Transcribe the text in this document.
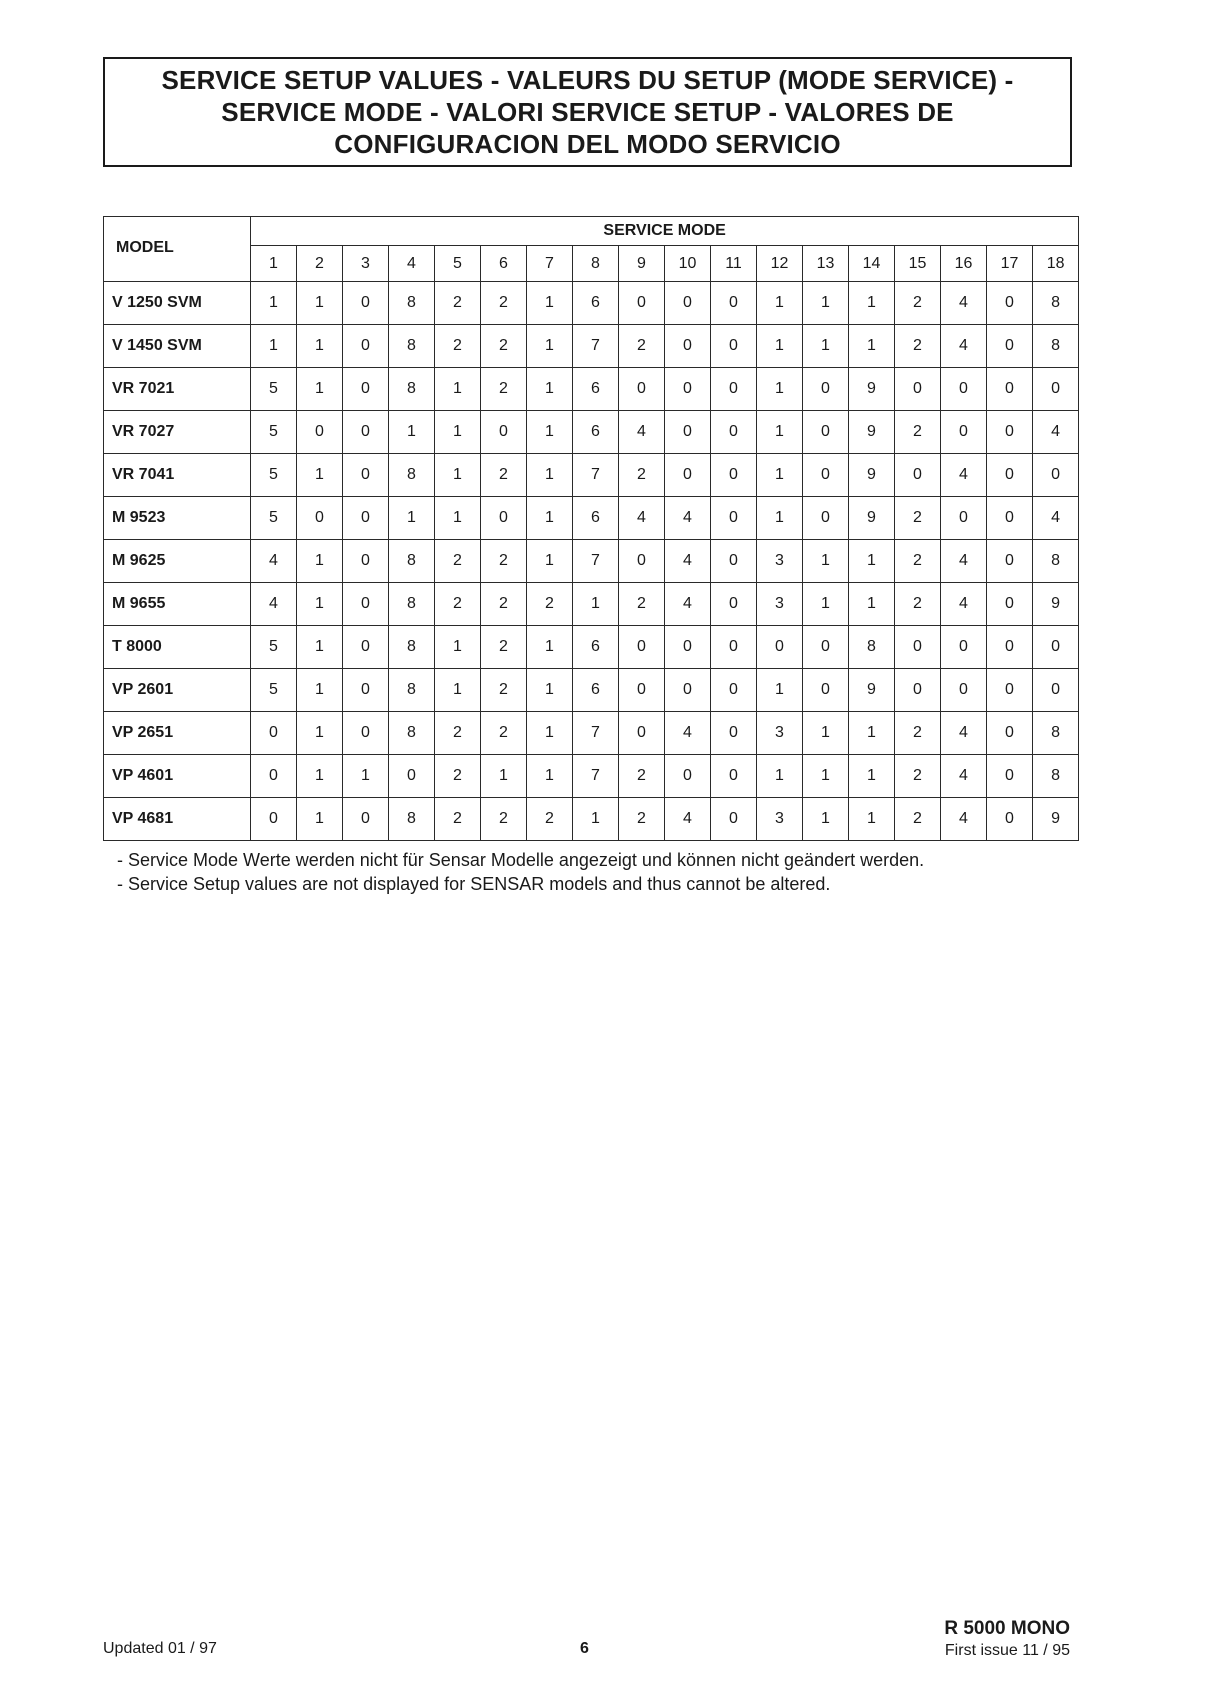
SERVICE SETUP VALUES - VALEURS DU SETUP (MODE SERVICE) -
SERVICE MODE - VALORI SERVICE SETUP - VALORES DE
CONFIGURACION DEL MODO SERVICIO
MODEL	SERVICE MODE																	
	1	2	3	4	5	6	7	8	9	10	11	12	13	14	15	16	17	18
V 1250 SVM	1	1	0	8	2	2	1	6	0	0	0	1	1	1	2	4	0	8
V 1450 SVM	1	1	0	8	2	2	1	7	2	0	0	1	1	1	2	4	0	8
VR 7021	5	1	0	8	1	2	1	6	0	0	0	1	0	9	0	0	0	0
VR 7027	5	0	0	1	1	0	1	6	4	0	0	1	0	9	2	0	0	4
VR 7041	5	1	0	8	1	2	1	7	2	0	0	1	0	9	0	4	0	0
M 9523	5	0	0	1	1	0	1	6	4	4	0	1	0	9	2	0	0	4
M 9625	4	1	0	8	2	2	1	7	0	4	0	3	1	1	2	4	0	8
M 9655	4	1	0	8	2	2	2	1	2	4	0	3	1	1	2	4	0	9
T 8000	5	1	0	8	1	2	1	6	0	0	0	0	0	8	0	0	0	0
VP 2601	5	1	0	8	1	2	1	6	0	0	0	1	0	9	0	0	0	0
VP 2651	0	1	0	8	2	2	1	7	0	4	0	3	1	1	2	4	0	8
VP 4601	0	1	1	0	2	1	1	7	2	0	0	1	1	1	2	4	0	8
VP 4681	0	1	0	8	2	2	2	1	2	4	0	3	1	1	2	4	0	9
- Service Mode Werte werden nicht für Sensar Modelle angezeigt und können nicht geändert werden.
- Service Setup values are not displayed for SENSAR models and thus cannot be altered.
Updated 01 / 97	6
R 5000 MONO
First issue 11 / 95
